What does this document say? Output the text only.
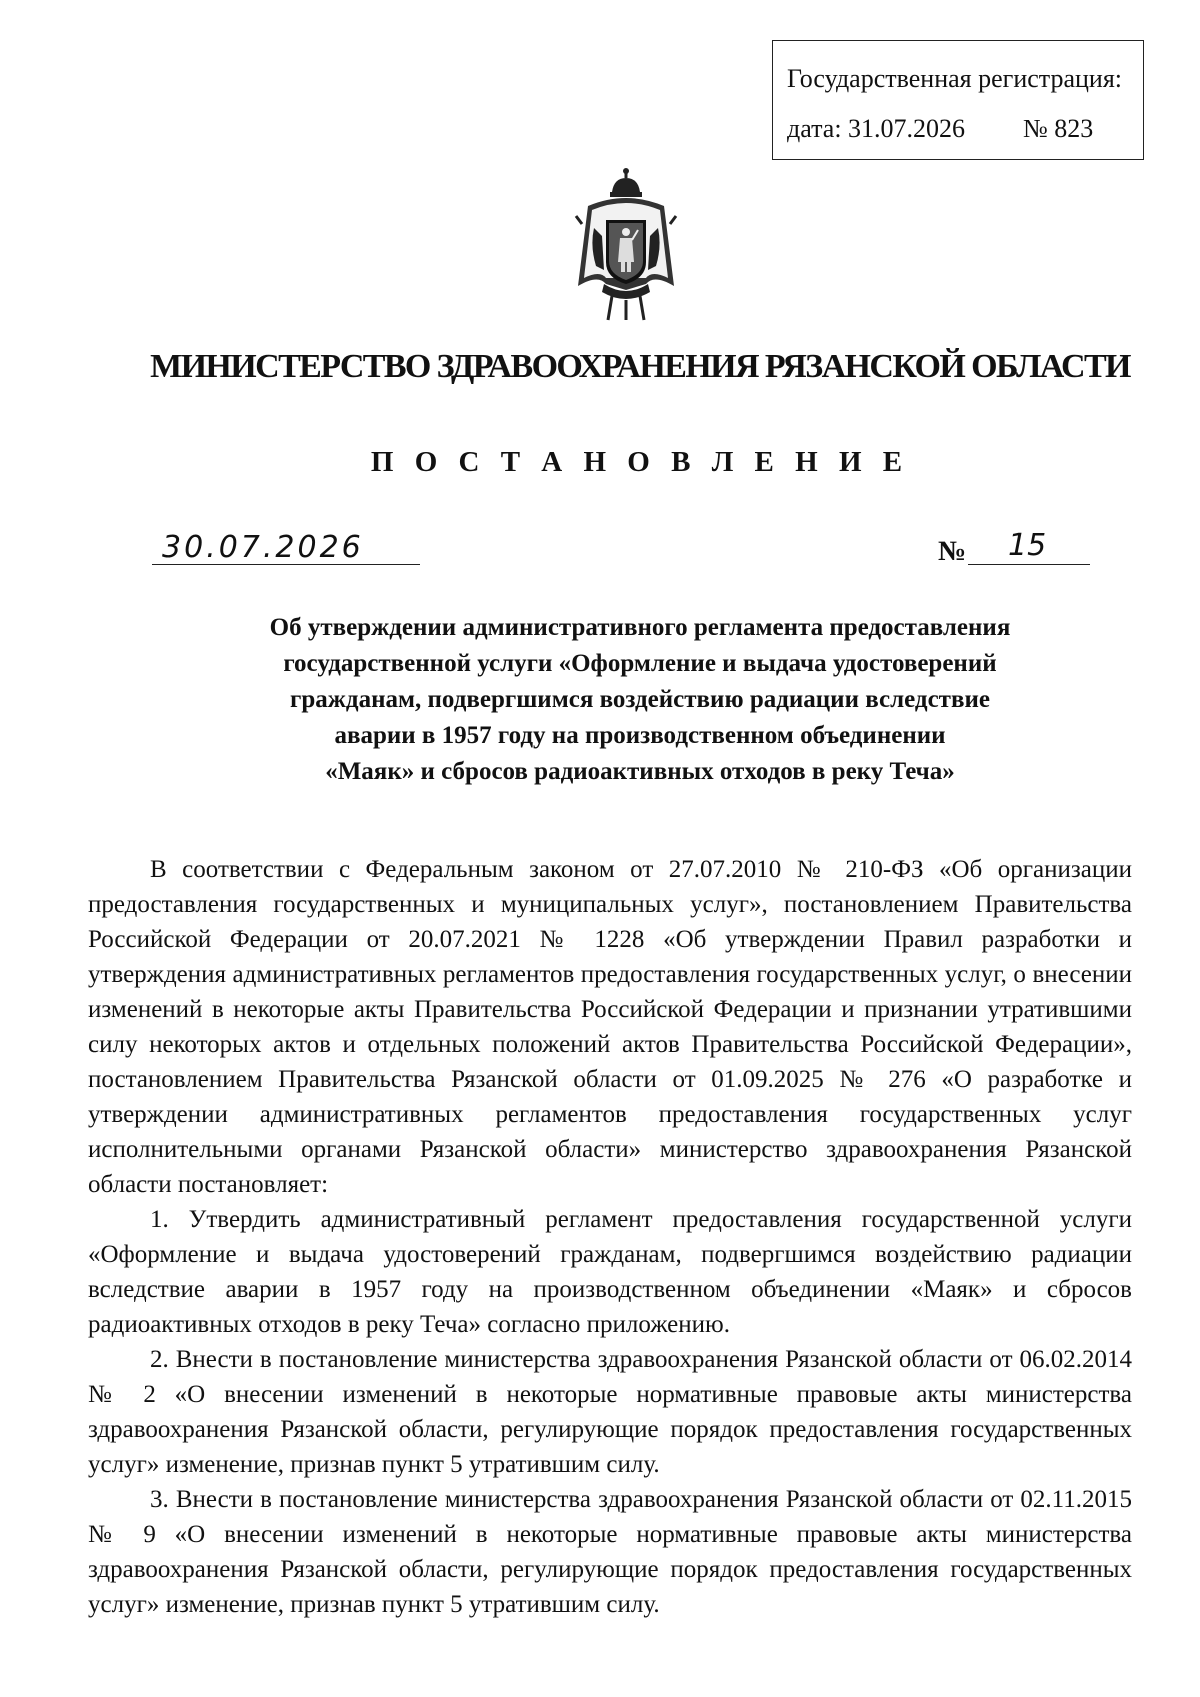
Государственная регистрация:
дата: 31.07.2026 № 823
МИНИСТЕРСТВО ЗДРАВООХРАНЕНИЯ РЯЗАНСКОЙ ОБЛАСТИ
П О С Т А Н О В Л Е Н И Е
30.07.2026	№ 15
Об утверждении административного регламента предоставления
государственной услуги «Оформление и выдача удостоверений
гражданам, подвергшимся воздействию радиации вследствие
аварии в 1957 году на производственном объединении
«Маяк» и сбросов радиоактивных отходов в реку Теча»

В соответствии с Федеральным законом от 27.07.2010 № 210-ФЗ «Об организации предоставления государственных и муниципальных услуг», постановлением Правительства Российской Федерации от 20.07.2021 № 1228 «Об утверждении Правил разработки и утверждения административных регламентов предоставления государственных услуг, о внесении изменений в некоторые акты Правительства Российской Федерации и признании утратившими силу некоторых актов и отдельных положений актов Правительства Российской Федерации», постановлением Правительства Рязанской области от 01.09.2025 № 276 «О разработке и утверждении административных регламентов предоставления государственных услуг исполнительными органами Рязанской области» министерство здравоохранения Рязанской области постановляет:

1. Утвердить административный регламент предоставления государственной услуги «Оформление и выдача удостоверений гражданам, подвергшимся воздействию радиации вследствие аварии в 1957 году на производственном объединении «Маяк» и сбросов радиоактивных отходов в реку Теча» согласно приложению.

2. Внести в постановление министерства здравоохранения Рязанской области от 06.02.2014 № 2 «О внесении изменений в некоторые нормативные правовые акты министерства здравоохранения Рязанской области, регулирующие порядок предоставления государственных услуг» изменение, признав пункт 5 утратившим силу.

3. Внести в постановление министерства здравоохранения Рязанской области от 02.11.2015 № 9 «О внесении изменений в некоторые нормативные правовые акты министерства здравоохранения Рязанской области, регулирующие порядок предоставления государственных услуг» изменение, признав пункт 5 утратившим силу.
